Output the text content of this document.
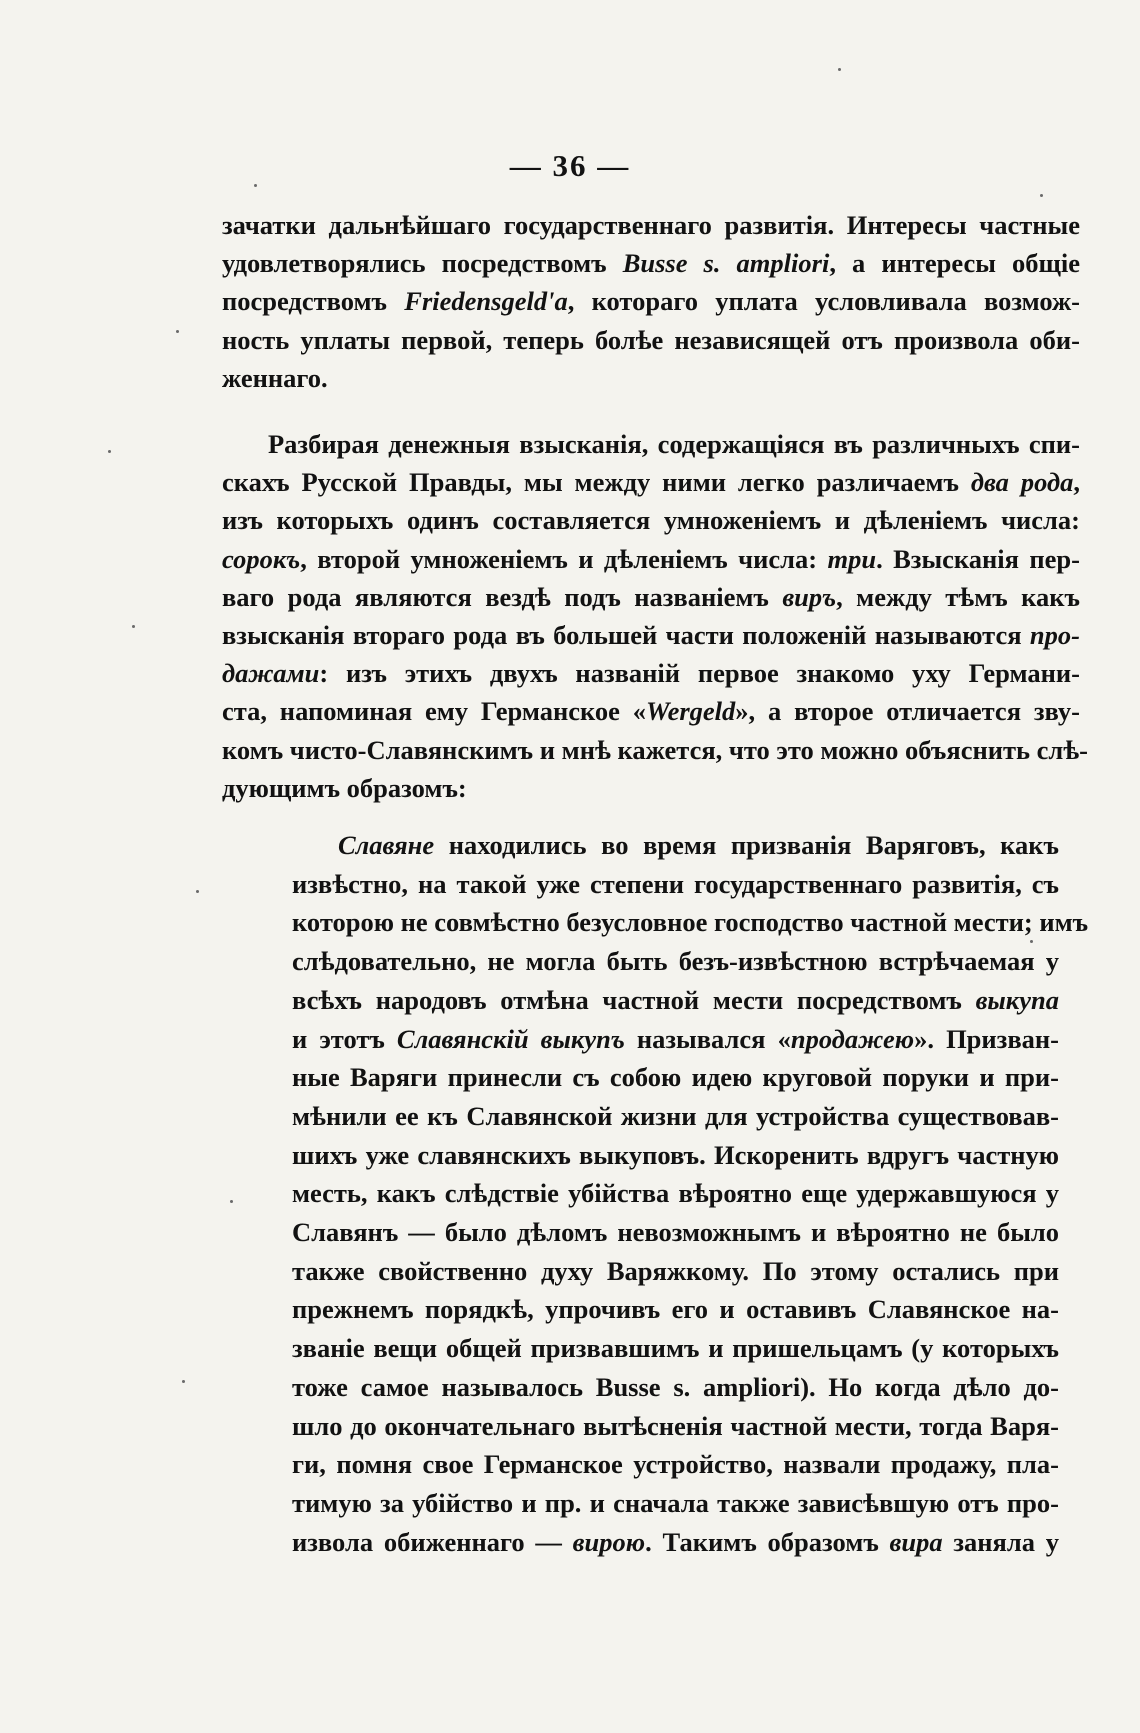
— 36 —
зачатки дальнѣйшаго государственнаго развитія. Интересы частные
удовлетворялись посредствомъ Busse s. ampliori, а интересы общіе
посредствомъ Friedensgeld'a, котораго уплата условливала возмож-
ность уплаты первой, теперь болѣе независящей отъ произвола оби-
женнаго.
Разбирая денежныя взысканія, содержащіяся въ различныхъ спи-
скахъ Русской Правды, мы между ними легко различаемъ два рода,
изъ которыхъ одинъ составляется умноженіемъ и дѣленіемъ числа:
сорокъ, второй умноженіемъ и дѣленіемъ числа: три. Взысканія пер-
ваго рода являются вездѣ подъ названіемъ виръ, между тѣмъ какъ
взысканія втораго рода въ большей части положеній называются про-
дажами: изъ этихъ двухъ названій первое знакомо уху Германи-
ста, напоминая ему Германское «Wergeld», а второе отличается зву-
комъ чисто-Славянскимъ и мнѣ кажется, что это можно объяснить слѣ-
дующимъ образомъ:
Славяне находились во время призванія Варяговъ, какъ
извѣстно, на такой уже степени государственнаго развитія, съ
которою не совмѣстно безусловное господство частной мести; имъ
слѣдовательно, не могла быть безъ-извѣстною встрѣчаемая у
всѣхъ народовъ отмѣна частной мести посредствомъ выкупа
и этотъ Славянскій выкупъ назывался «продажею». Призван-
ные Варяги принесли съ собою идею круговой поруки и при-
мѣнили ее къ Славянской жизни для устройства существовав-
шихъ уже славянскихъ выкуповъ. Искоренить вдругъ частную
месть, какъ слѣдствіе убійства вѣроятно еще удержавшуюся у
Славянъ — было дѣломъ невозможнымъ и вѣроятно не было
также свойственно духу Варяжкому. По этому остались при
прежнемъ порядкѣ, упрочивъ его и оставивъ Славянское на-
званіе вещи общей призвавшимъ и пришельцамъ (у которыхъ
тоже самое называлось Busse s. ampliori). Но когда дѣло до-
шло до окончательнаго вытѣсненія частной мести, тогда Варя-
ги, помня свое Германское устройство, назвали продажу, пла-
тимую за убійство и пр. и сначала также зависѣвшую отъ про-
извола обиженнаго — вирою. Такимъ образомъ вира заняла у
